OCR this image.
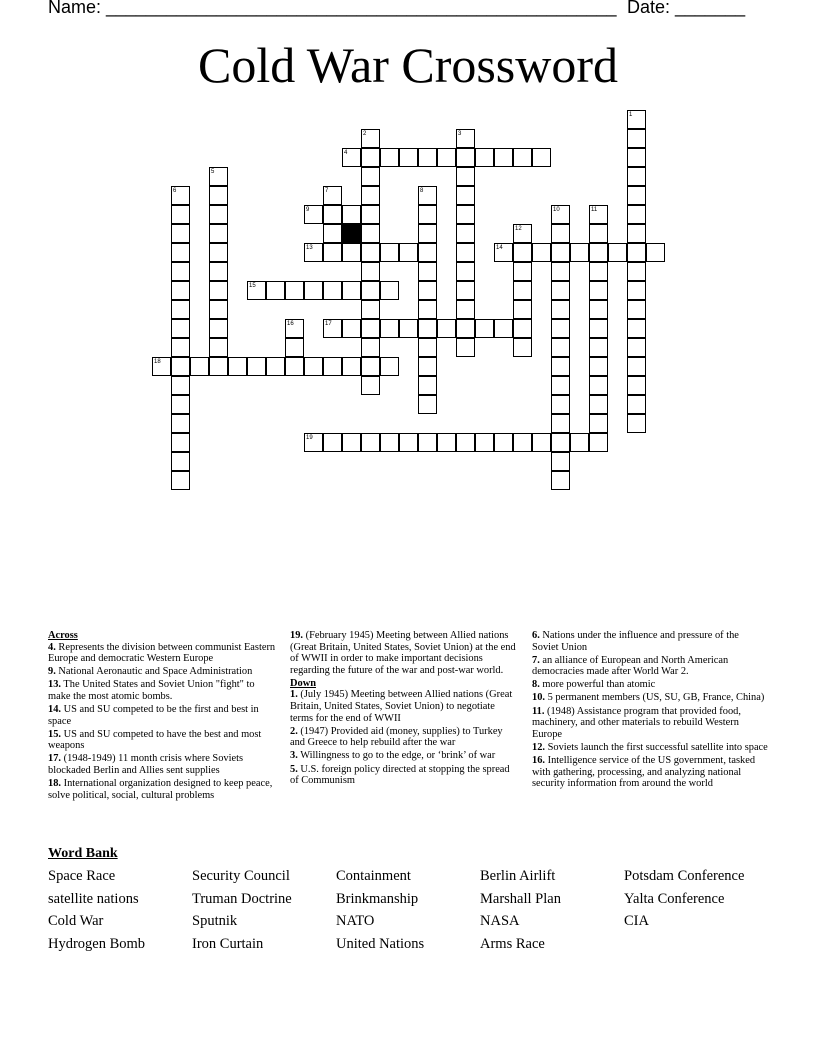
Name: ___________________________________________________ Date: _______
Cold War Crossword
4
9
13	14
15
17
18
19
1
2	3
5
6	7	8
10	11
12
16
Across
4. Represents the division between communist Eastern Europe and democratic Western Europe
9. National Aeronautic and Space Administration
13. The United States and Soviet Union "fight" to make the most atomic bombs.
14. US and SU competed to be the first and best in space
15. US and SU competed to have the best and most weapons
17. (1948-1949) 11 month crisis where Soviets blockaded Berlin and Allies sent supplies
18. International organization designed to keep peace, solve political, social, cultural problems
19. (February 1945) Meeting between Allied nations (Great Britain, United States, Soviet Union) at the end of WWII in order to make important decisions regarding the future of the war and post-war world.
Down
1. (July 1945) Meeting between Allied nations (Great Britain, United States, Soviet Union) to negotiate terms for the end of WWII
2. (1947) Provided aid (money, supplies) to Turkey and Greece to help rebuild after the war
3. Willingness to go to the edge, or ‘brink’ of war
5. U.S. foreign policy directed at stopping the spread of Communism
6. Nations under the influence and pressure of the Soviet Union
7. an alliance of European and North American democracies made after World War 2.
8. more powerful than atomic
10. 5 permanent members (US, SU, GB, France, China)
11. (1948) Assistance program that provided food, machinery, and other materials to rebuild Western Europe
12. Soviets launch the first successful satellite into space
16. Intelligence service of the US government, tasked with gathering, processing, and analyzing national security information from around the world
Word Bank
Space Race	Security Council	Containment	Berlin Airlift	Potsdam Conference
satellite nations	Truman Doctrine	Brinkmanship	Marshall Plan	Yalta Conference
Cold War	Sputnik	NATO	NASA	CIA
Hydrogen Bomb	Iron Curtain	United Nations	Arms Race
